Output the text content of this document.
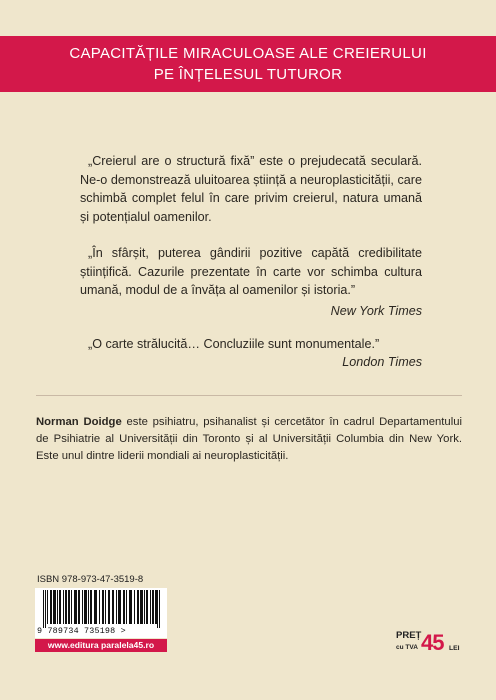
CAPACITĂȚILE MIRACULOASE ALE CREIERULUI
PE ÎNȚELESUL TUTUROR

„Creierul are o structură fixă” este o prejudecată seculară. Ne-o demonstrează uluitoarea știință a neuroplasticității, care schimbă complet felul în care privim creierul, natura umană și potențialul oamenilor.

„În sfârșit, puterea gândirii pozitive capătă credibilitate științifică. Cazurile prezentate în carte vor schimba cultura umană, modul de a învăța al oamenilor și istoria.”

New York Times

„O carte strălucită… Concluziile sunt monumentale.”

London Times
Norman Doidge este psihiatru, psihanalist și cercetător în cadrul Departamentului de Psihiatrie al Universității din Toronto și al Universității Columbia din New York. Este unul dintre liderii mondiali ai neuroplasticității.
ISBN 978-973-47-3519-8
9 789734 735198 >
www.editura paralela45.ro
PREȚ
cu TVA 45 LEI
